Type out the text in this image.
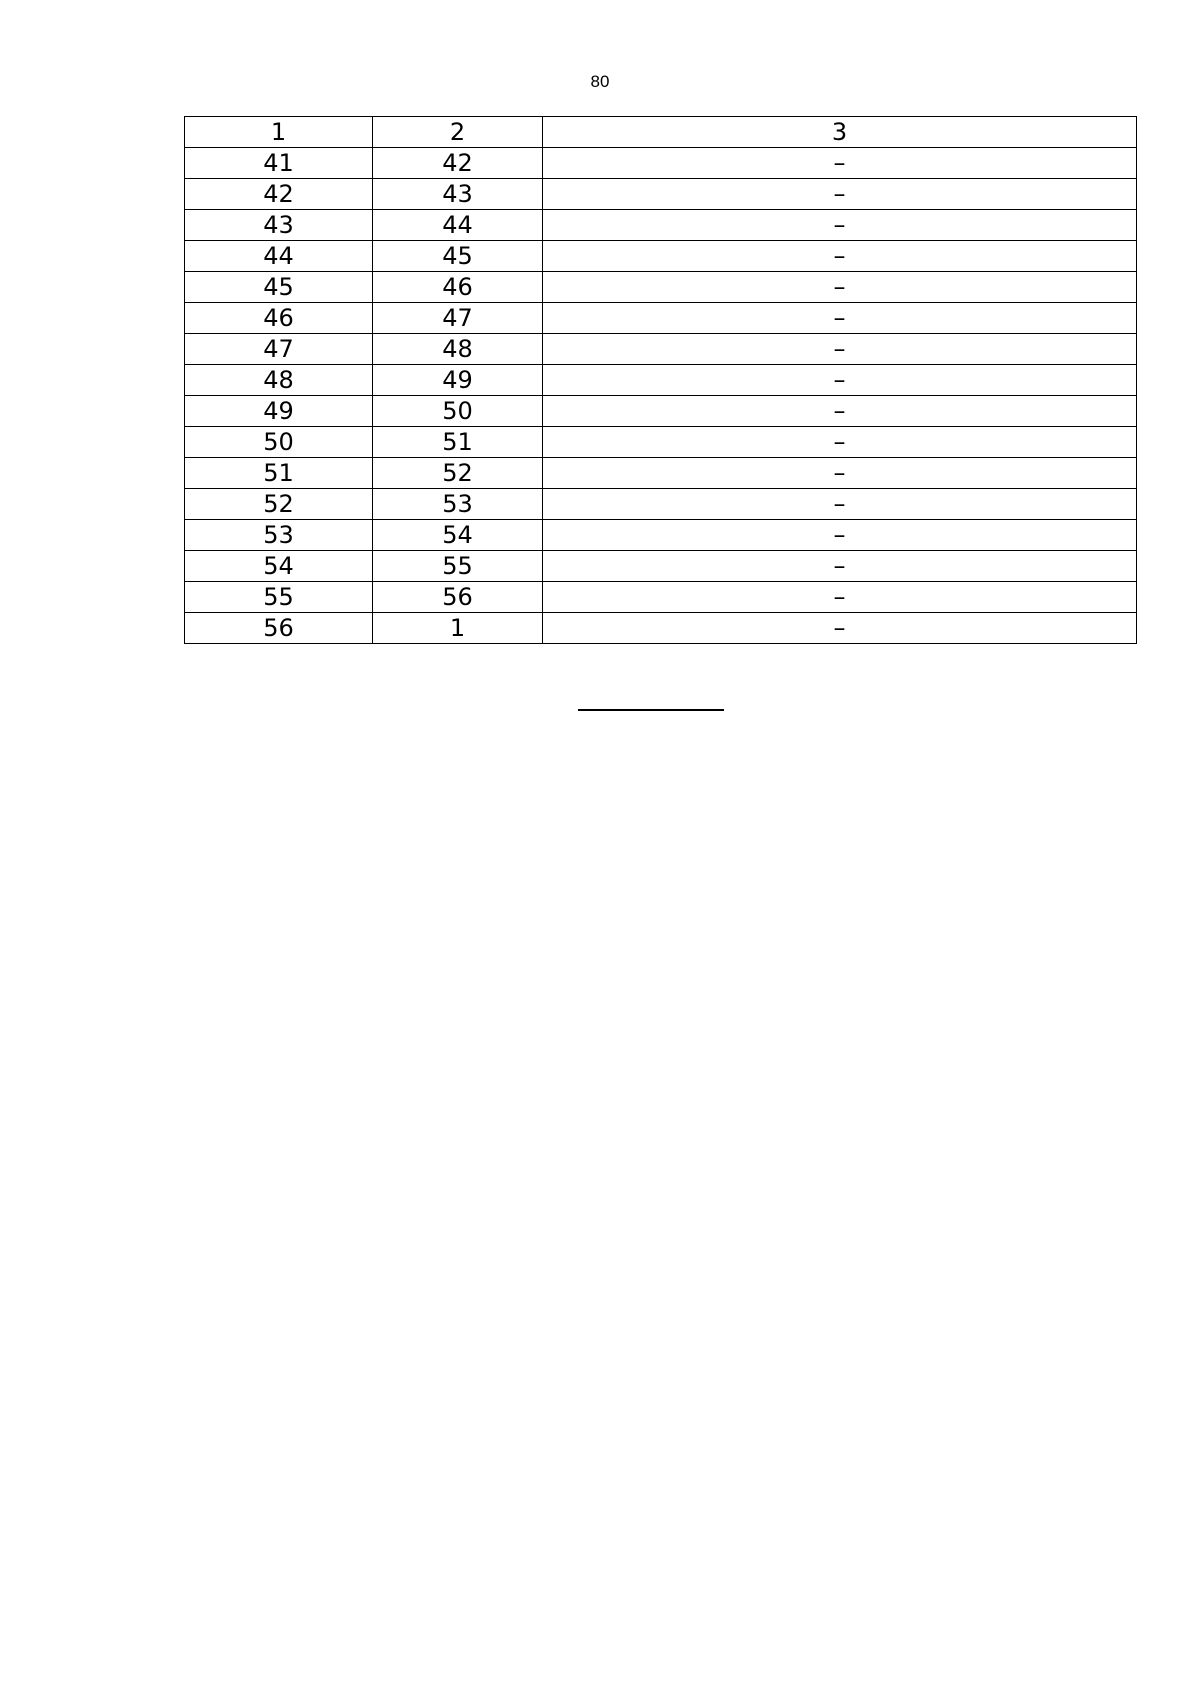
80
1	2	3
41	42	–
42	43	–
43	44	–
44	45	–
45	46	–
46	47	–
47	48	–
48	49	–
49	50	–
50	51	–
51	52	–
52	53	–
53	54	–
54	55	–
55	56	–
56	1	–
